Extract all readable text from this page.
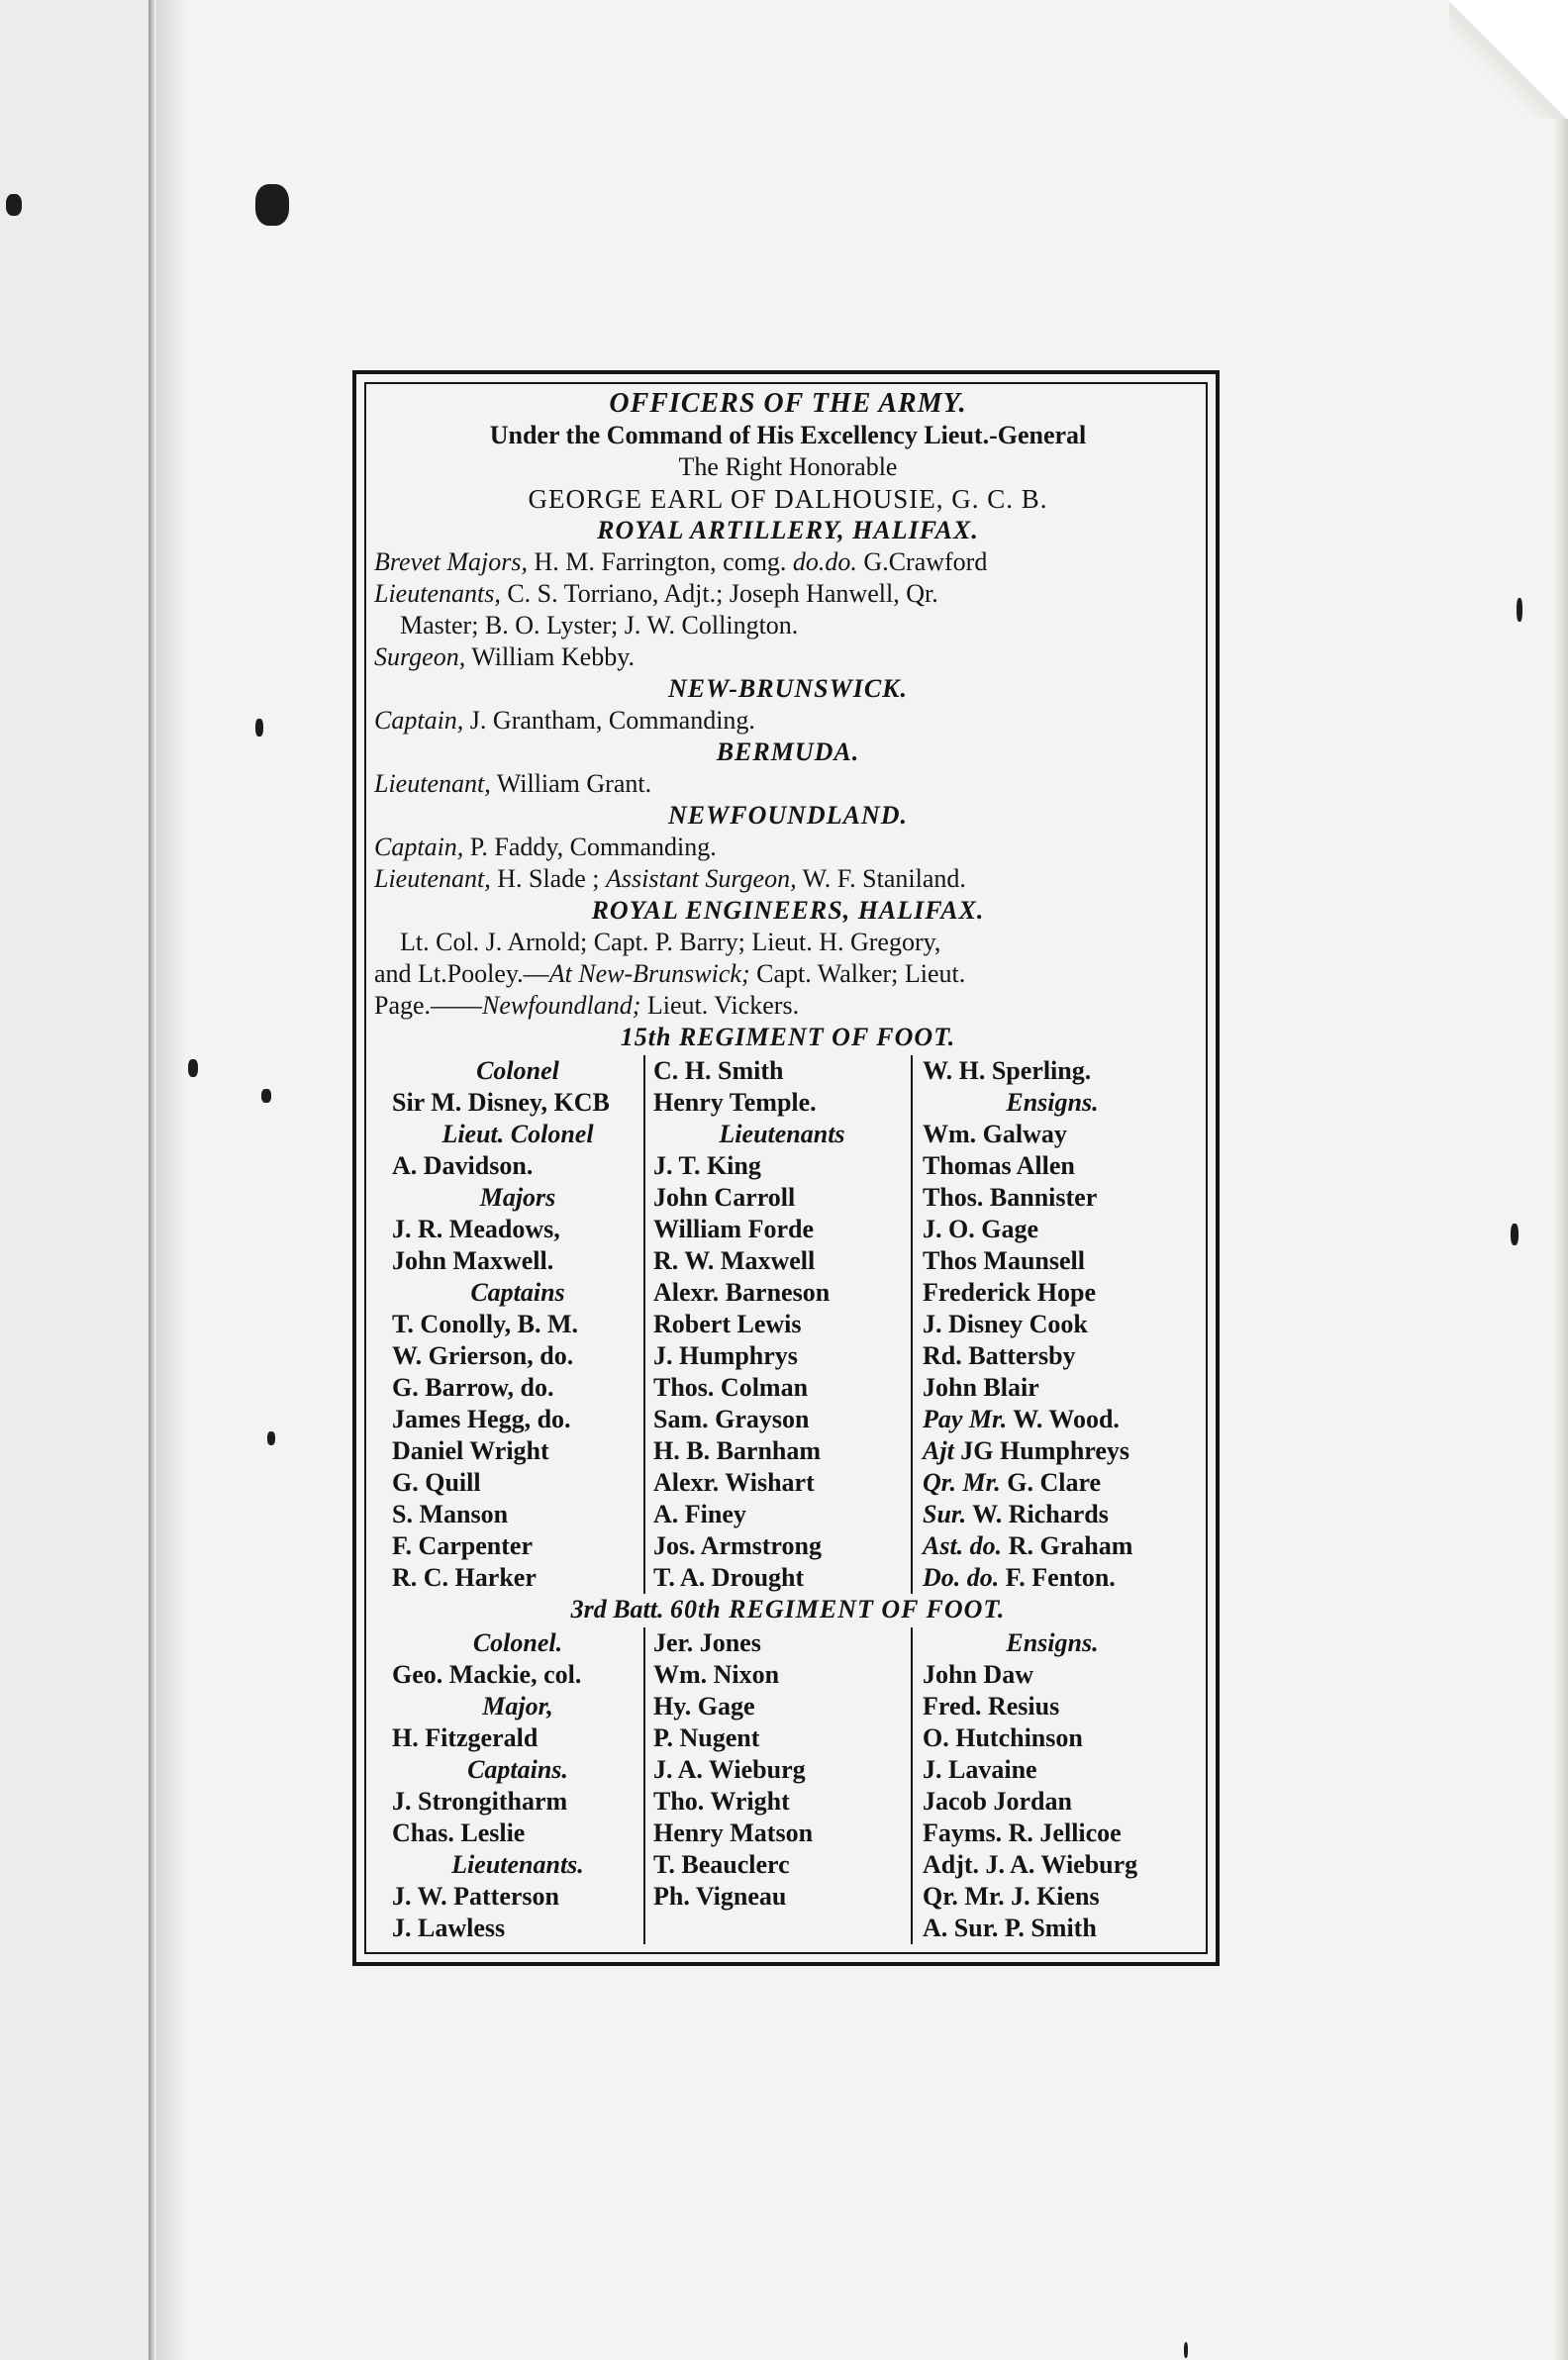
OFFICERS OF THE ARMY.
Under the Command of His Excellency Lieut.-General
The Right Honorable
GEORGE EARL OF DALHOUSIE, G. C. B.
ROYAL ARTILLERY, HALIFAX.
Brevet Majors, H. M. Farrington, comg. do.do. G.Crawford
Lieutenants, C. S. Torriano, Adjt.; Joseph Hanwell, Qr.
Master; B. O. Lyster; J. W. Collington.
Surgeon, William Kebby.
NEW-BRUNSWICK.
Captain, J. Grantham, Commanding.
BERMUDA.
Lieutenant, William Grant.
NEWFOUNDLAND.
Captain, P. Faddy, Commanding.
Lieutenant, H. Slade ; Assistant Surgeon, W. F. Staniland.
ROYAL ENGINEERS, HALIFAX.
Lt. Col. J. Arnold; Capt. P. Barry; Lieut. H. Gregory,
and Lt.Pooley.—At New-Brunswick; Capt. Walker; Lieut.
Page.——Newfoundland; Lieut. Vickers.
15th REGIMENT OF FOOT.
Colonel
Sir M. Disney, KCB
Lieut. Colonel
A. Davidson.
Majors
J. R. Meadows,
John Maxwell.
Captains
T. Conolly, B. M.
W. Grierson, do.
G. Barrow, do.
James Hegg, do.
Daniel Wright
G. Quill
S. Manson
F. Carpenter
R. C. Harker
C. H. Smith
Henry Temple.
Lieutenants
J. T. King
John Carroll
William Forde
R. W. Maxwell
Alexr. Barneson
Robert Lewis
J. Humphrys
Thos. Colman
Sam. Grayson
H. B. Barnham
Alexr. Wishart
A. Finey
Jos. Armstrong
T. A. Drought
W. H. Sperling.
Ensigns.
Wm. Galway
Thomas Allen
Thos. Bannister
J. O. Gage
Thos Maunsell
Frederick Hope
J. Disney Cook
Rd. Battersby
John Blair
Pay Mr. W. Wood.
Ajt JG Humphreys
Qr. Mr. G. Clare
Sur. W. Richards
Ast. do. R. Graham
Do. do. F. Fenton.
3rd Batt. 60th REGIMENT OF FOOT.
Colonel.
Geo. Mackie, col.
Major,
H. Fitzgerald
Captains.
J. Strongitharm
Chas. Leslie
Lieutenants.
J. W. Patterson
J. Lawless
Jer. Jones
Wm. Nixon
Hy. Gage
P. Nugent
J. A. Wieburg
Tho. Wright
Henry Matson
T. Beauclerc
Ph. Vigneau
Ensigns.
John Daw
Fred. Resius
O. Hutchinson
J. Lavaine
Jacob Jordan
Fayms. R. Jellicoe
Adjt. J. A. Wieburg
Qr. Mr. J. Kiens
A. Sur. P. Smith
